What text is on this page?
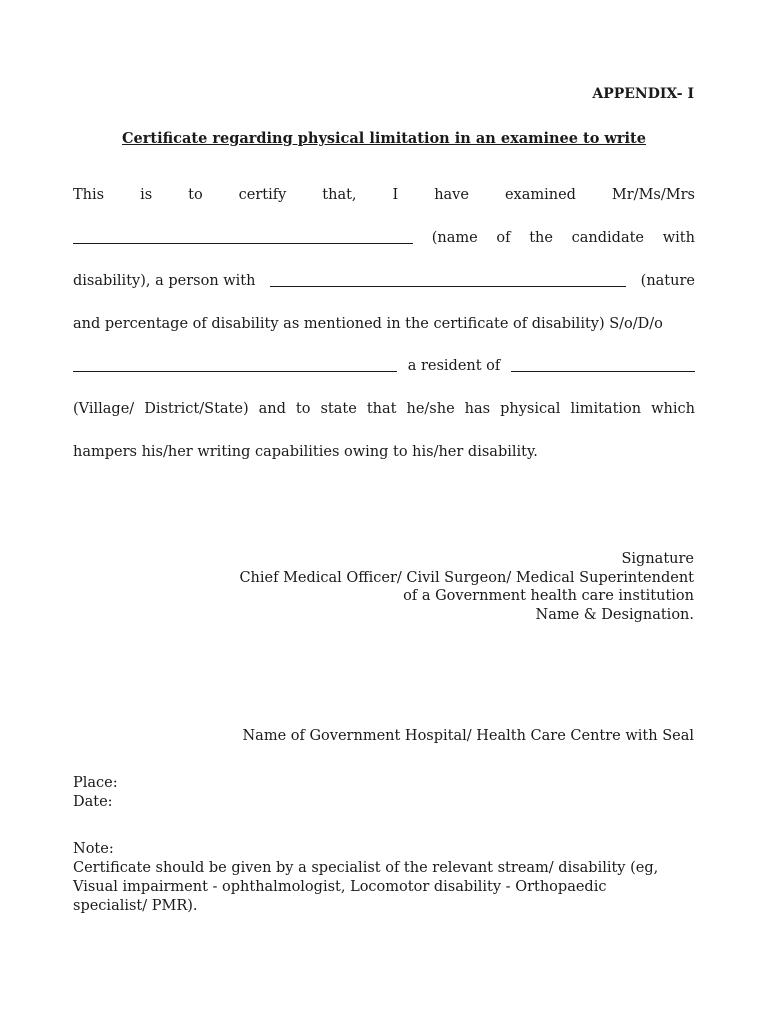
APPENDIX- I
Certificate regarding physical limitation in an examinee to write
This is to certify that, I have examined Mr/Ms/Mrs
(name of the candidate with
disability), a person with	(nature
and percentage of disability as mentioned in the certificate of disability) S/o/D/o
a resident of
(Village/ District/State) and to state that he/she has physical limitation which
hampers his/her writing capabilities owing to his/her disability.
Signature
Chief Medical Officer/ Civil Surgeon/ Medical Superintendent
of a Government health care institution
Name & Designation.
Name of Government Hospital/ Health Care Centre with Seal
Place:
Date:
Note:
Certificate should be given by a specialist of the relevant stream/ disability (eg,
Visual impairment - ophthalmologist, Locomotor disability - Orthopaedic
specialist/ PMR).
